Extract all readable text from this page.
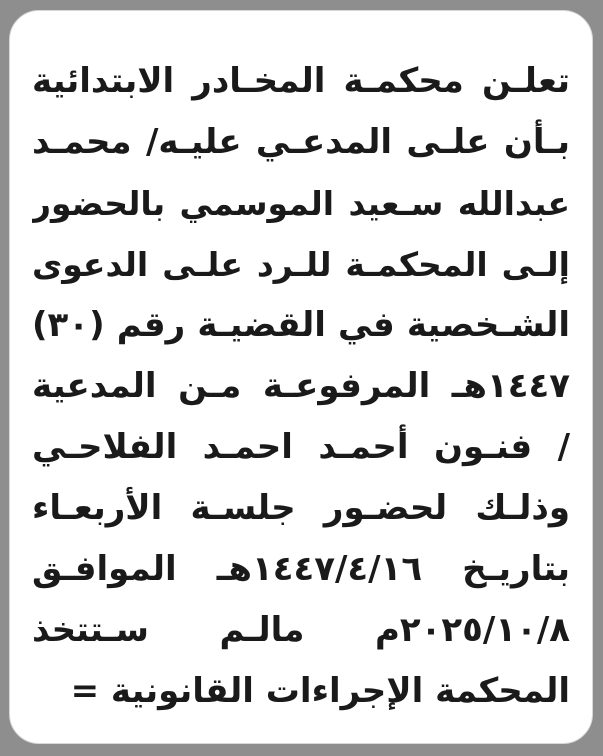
تعلـن محكمـة المخـادر الابتدائية
بـأن علـى المدعـي عليـه/ محمـد
عبدالله سـعيد الموسمي بالحضور
إلـى المحكمـة للـرد علـى الدعوى
الشـخصية في القضيـة رقم (٣٠)
١٤٤٧هـ المرفوعـة مـن المدعية
/ فنـون أحمـد احمـد الفلاحـي
وذلـك لحضـور جلسـة الأربعـاء
بتاريـخ ١٤٤٧/٤/١٦هـ الموافـق
٢٠٢٥/١٠/٨م مالـم سـتتخذ
المحكمة الإجراءات القانونية =
